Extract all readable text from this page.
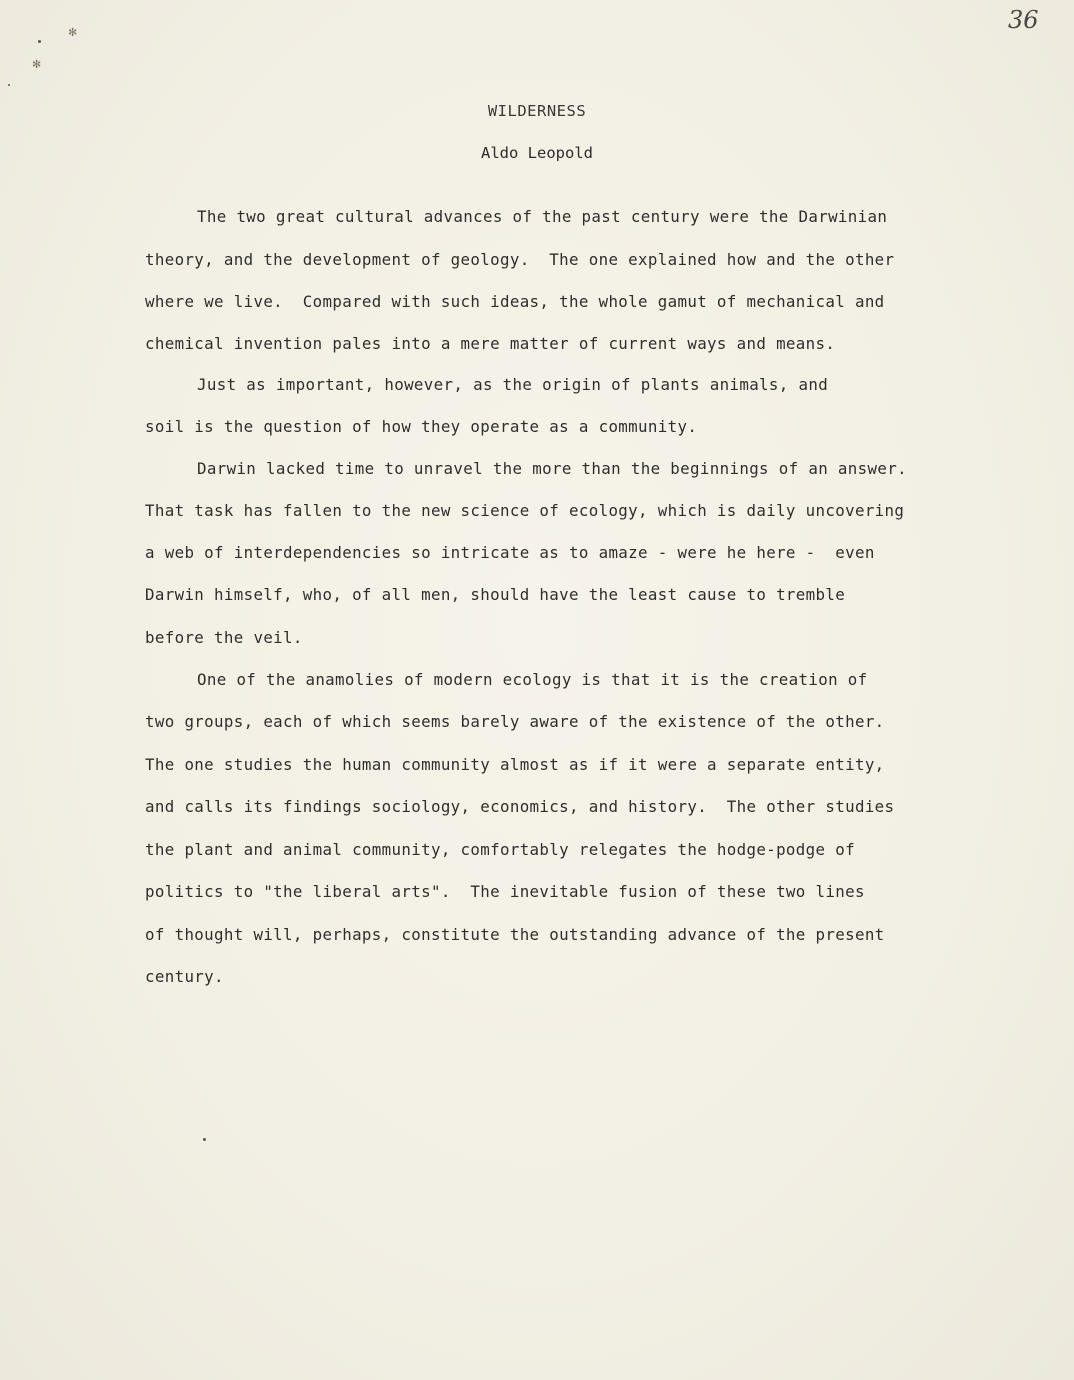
✻
✻
36
WILDERNESS
Aldo Leopold
The two great cultural advances of the past century were the Darwinian
theory, and the development of geology.  The one explained how and the other
where we live.  Compared with such ideas, the whole gamut of mechanical and
chemical invention pales into a mere matter of current ways and means.
Just as important, however, as the origin of plants animals, and
soil is the question of how they operate as a community.
Darwin lacked time to unravel the more than the beginnings of an answer.
That task has fallen to the new science of ecology, which is daily uncovering
a web of interdependencies so intricate as to amaze - were he here -  even
Darwin himself, who, of all men, should have the least cause to tremble
before the veil.
One of the anamolies of modern ecology is that it is the creation of
two groups, each of which seems barely aware of the existence of the other.
The one studies the human community almost as if it were a separate entity,
and calls its findings sociology, economics, and history.  The other studies
the plant and animal community, comfortably relegates the hodge-podge of
politics to "the liberal arts".  The inevitable fusion of these two lines
of thought will, perhaps, constitute the outstanding advance of the present
century.
